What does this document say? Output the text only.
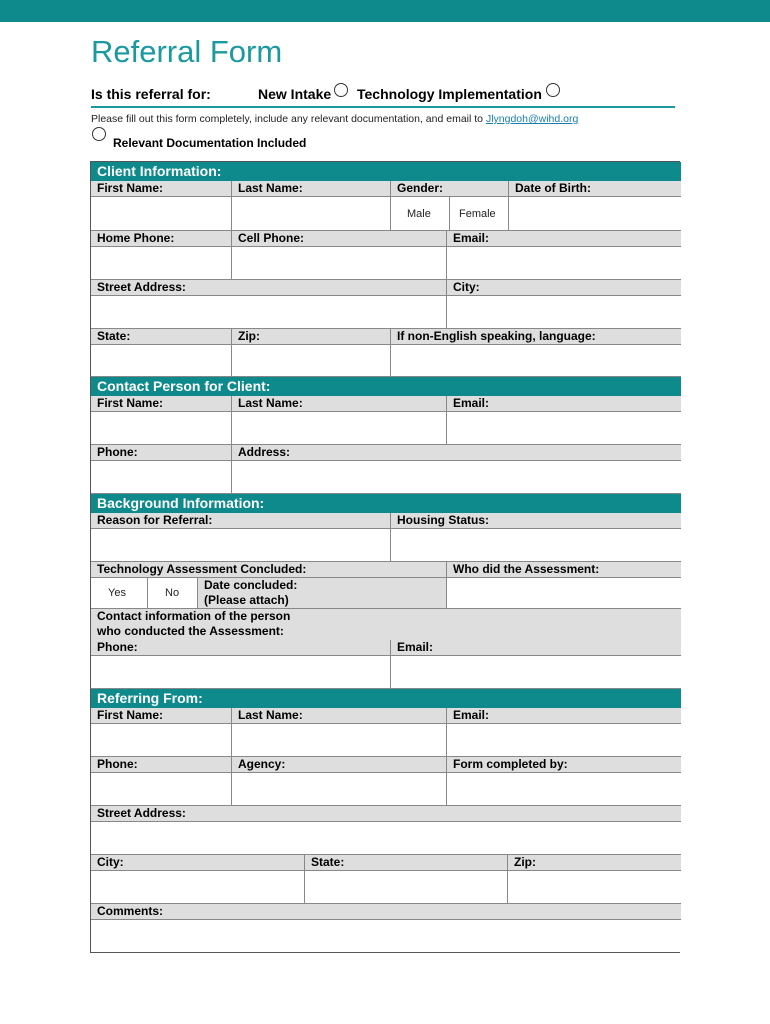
Referral Form
Is this referral for:	New Intake Technology Implementation
Please fill out this form completely, include any relevant documentation, and email to Jlyngdoh@wihd.org
Relevant Documentation Included
Client Information:
First Name:	Last Name:	Gender:	Date of Birth:
Male	Female
Home Phone:	Cell Phone:	Email:
Street Address:	City:
State:	Zip:	If non-English speaking, language:
Contact Person for Client:
First Name:	Last Name:	Email:
Phone:	Address:
Background Information:
Reason for Referral:	Housing Status:
Technology Assessment Concluded:	Who did the Assessment:
Yes	No
Date concluded:
(Please attach)
Contact information of the person
who conducted the Assessment:
Phone:	Email:
Referring From:
First Name:	Last Name:	Email:
Phone:	Agency:	Form completed by:
Street Address:
City:	State:	Zip:
Comments:
